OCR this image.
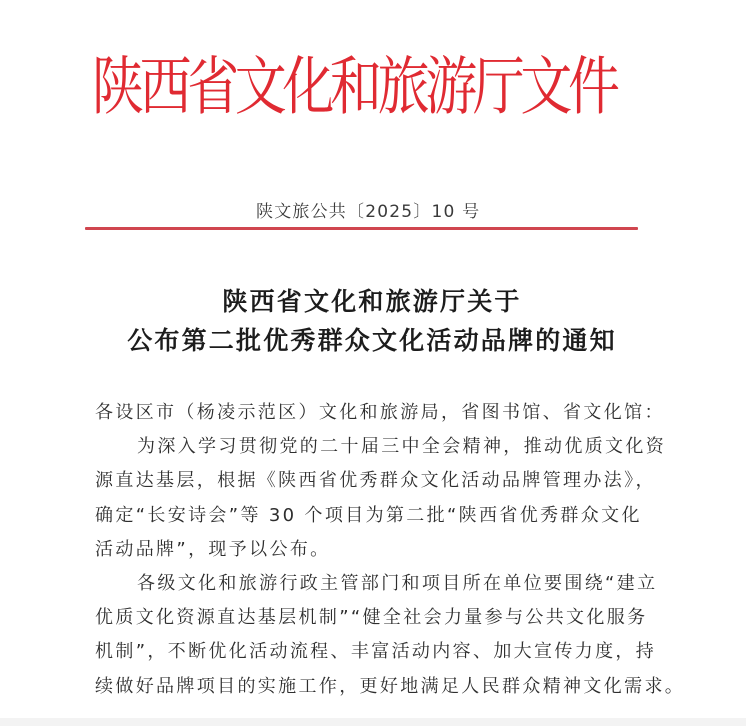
陕西省文化和旅游厅文件
陕文旅公共〔2025〕10 号
陕西省文化和旅游厅关于
公布第二批优秀群众文化活动品牌的通知
各设区市（杨凌示范区）文化和旅游局，省图书馆、省文化馆：
为深入学习贯彻党的二十届三中全会精神，推动优质文化资
源直达基层，根据《陕西省优秀群众文化活动品牌管理办法》，
确定“长安诗会”等 30 个项目为第二批“陕西省优秀群众文化
活动品牌”，现予以公布。
各级文化和旅游行政主管部门和项目所在单位要围绕“建立
优质文化资源直达基层机制”“健全社会力量参与公共文化服务
机制”，不断优化活动流程、丰富活动内容、加大宣传力度，持
续做好品牌项目的实施工作，更好地满足人民群众精神文化需求。
